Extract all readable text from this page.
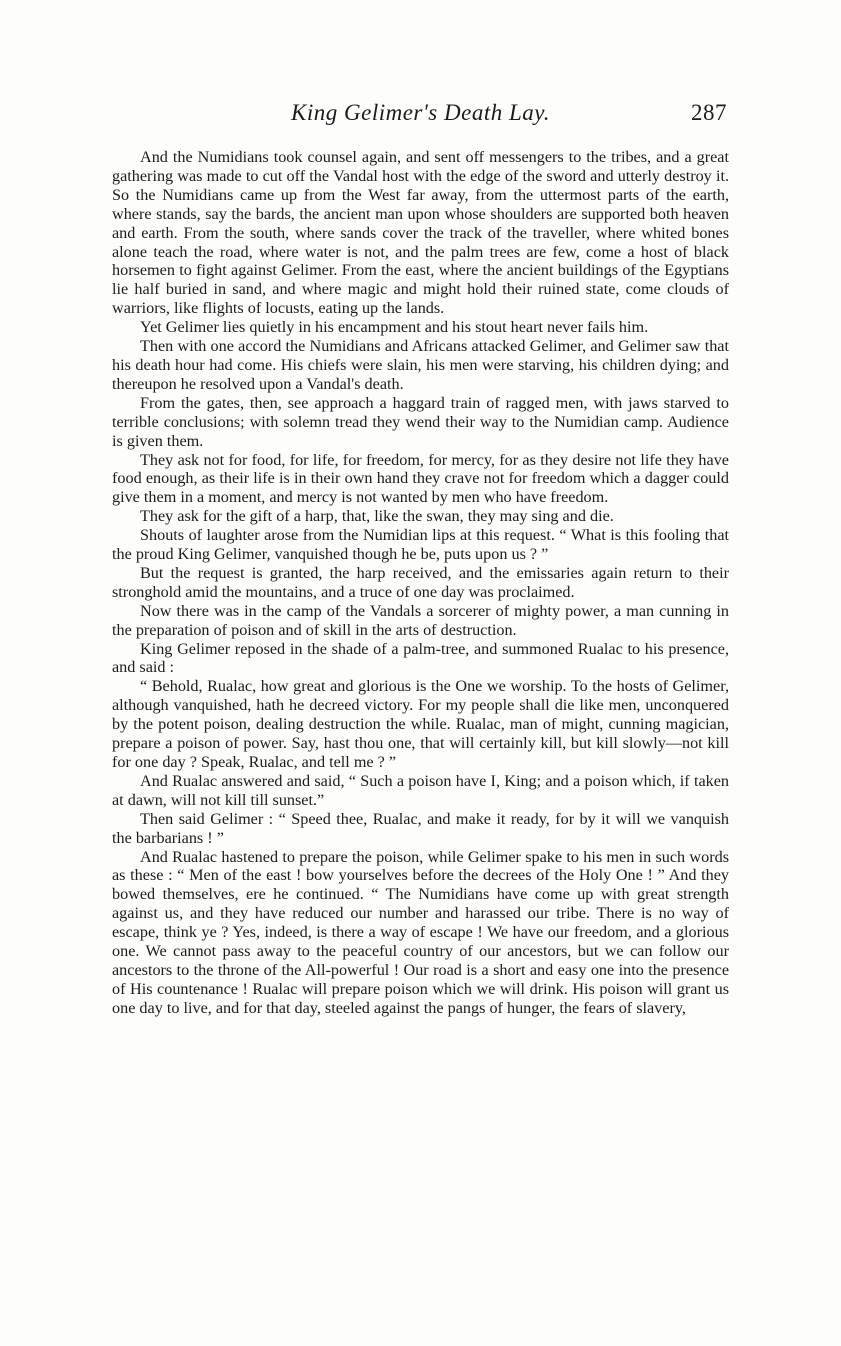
King Gelimer's Death Lay.	287

And the Numidians took counsel again, and sent off messengers to the tribes, and a great gathering was made to cut off the Vandal host with the edge of the sword and utterly destroy it. So the Numidians came up from the West far away, from the uttermost parts of the earth, where stands, say the bards, the ancient man upon whose shoulders are supported both heaven and earth. From the south, where sands cover the track of the traveller, where whited bones alone teach the road, where water is not, and the palm trees are few, come a host of black horsemen to fight against Gelimer. From the east, where the ancient buildings of the Egyptians lie half buried in sand, and where magic and might hold their ruined state, come clouds of warriors, like flights of locusts, eating up the lands.

Yet Gelimer lies quietly in his encampment and his stout heart never fails him.

Then with one accord the Numidians and Africans attacked Gelimer, and Gelimer saw that his death hour had come. His chiefs were slain, his men were starving, his children dying; and thereupon he resolved upon a Vandal's death.

From the gates, then, see approach a haggard train of ragged men, with jaws starved to terrible conclusions; with solemn tread they wend their way to the Numidian camp. Audience is given them.

They ask not for food, for life, for freedom, for mercy, for as they desire not life they have food enough, as their life is in their own hand they crave not for freedom which a dagger could give them in a moment, and mercy is not wanted by men who have freedom.

They ask for the gift of a harp, that, like the swan, they may sing and die.

Shouts of laughter arose from the Numidian lips at this request. “ What is this fooling that the proud King Gelimer, vanquished though he be, puts upon us ? ”

But the request is granted, the harp received, and the emissaries again return to their stronghold amid the mountains, and a truce of one day was proclaimed.

Now there was in the camp of the Vandals a sorcerer of mighty power, a man cunning in the preparation of poison and of skill in the arts of destruction.

King Gelimer reposed in the shade of a palm-tree, and summoned Rualac to his presence, and said :

“ Behold, Rualac, how great and glorious is the One we worship. To the hosts of Gelimer, although vanquished, hath he decreed victory. For my people shall die like men, unconquered by the potent poison, dealing destruction the while. Rualac, man of might, cunning magician, prepare a poison of power. Say, hast thou one, that will certainly kill, but kill slowly—not kill for one day ? Speak, Rualac, and tell me ? ”

And Rualac answered and said, “ Such a poison have I, King; and a poison which, if taken at dawn, will not kill till sunset.”

Then said Gelimer : “ Speed thee, Rualac, and make it ready, for by it will we vanquish the barbarians ! ”

And Rualac hastened to prepare the poison, while Gelimer spake to his men in such words as these : “ Men of the east ! bow yourselves before the decrees of the Holy One ! ” And they bowed themselves, ere he continued. “ The Numidians have come up with great strength against us, and they have reduced our number and harassed our tribe. There is no way of escape, think ye ? Yes, indeed, is there a way of escape ! We have our freedom, and a glorious one. We cannot pass away to the peaceful country of our ancestors, but we can follow our ancestors to the throne of the All-powerful ! Our road is a short and easy one into the presence of His countenance ! Rualac will prepare poison which we will drink. His poison will grant us one day to live, and for that day, steeled against the pangs of hunger, the fears of slavery,
